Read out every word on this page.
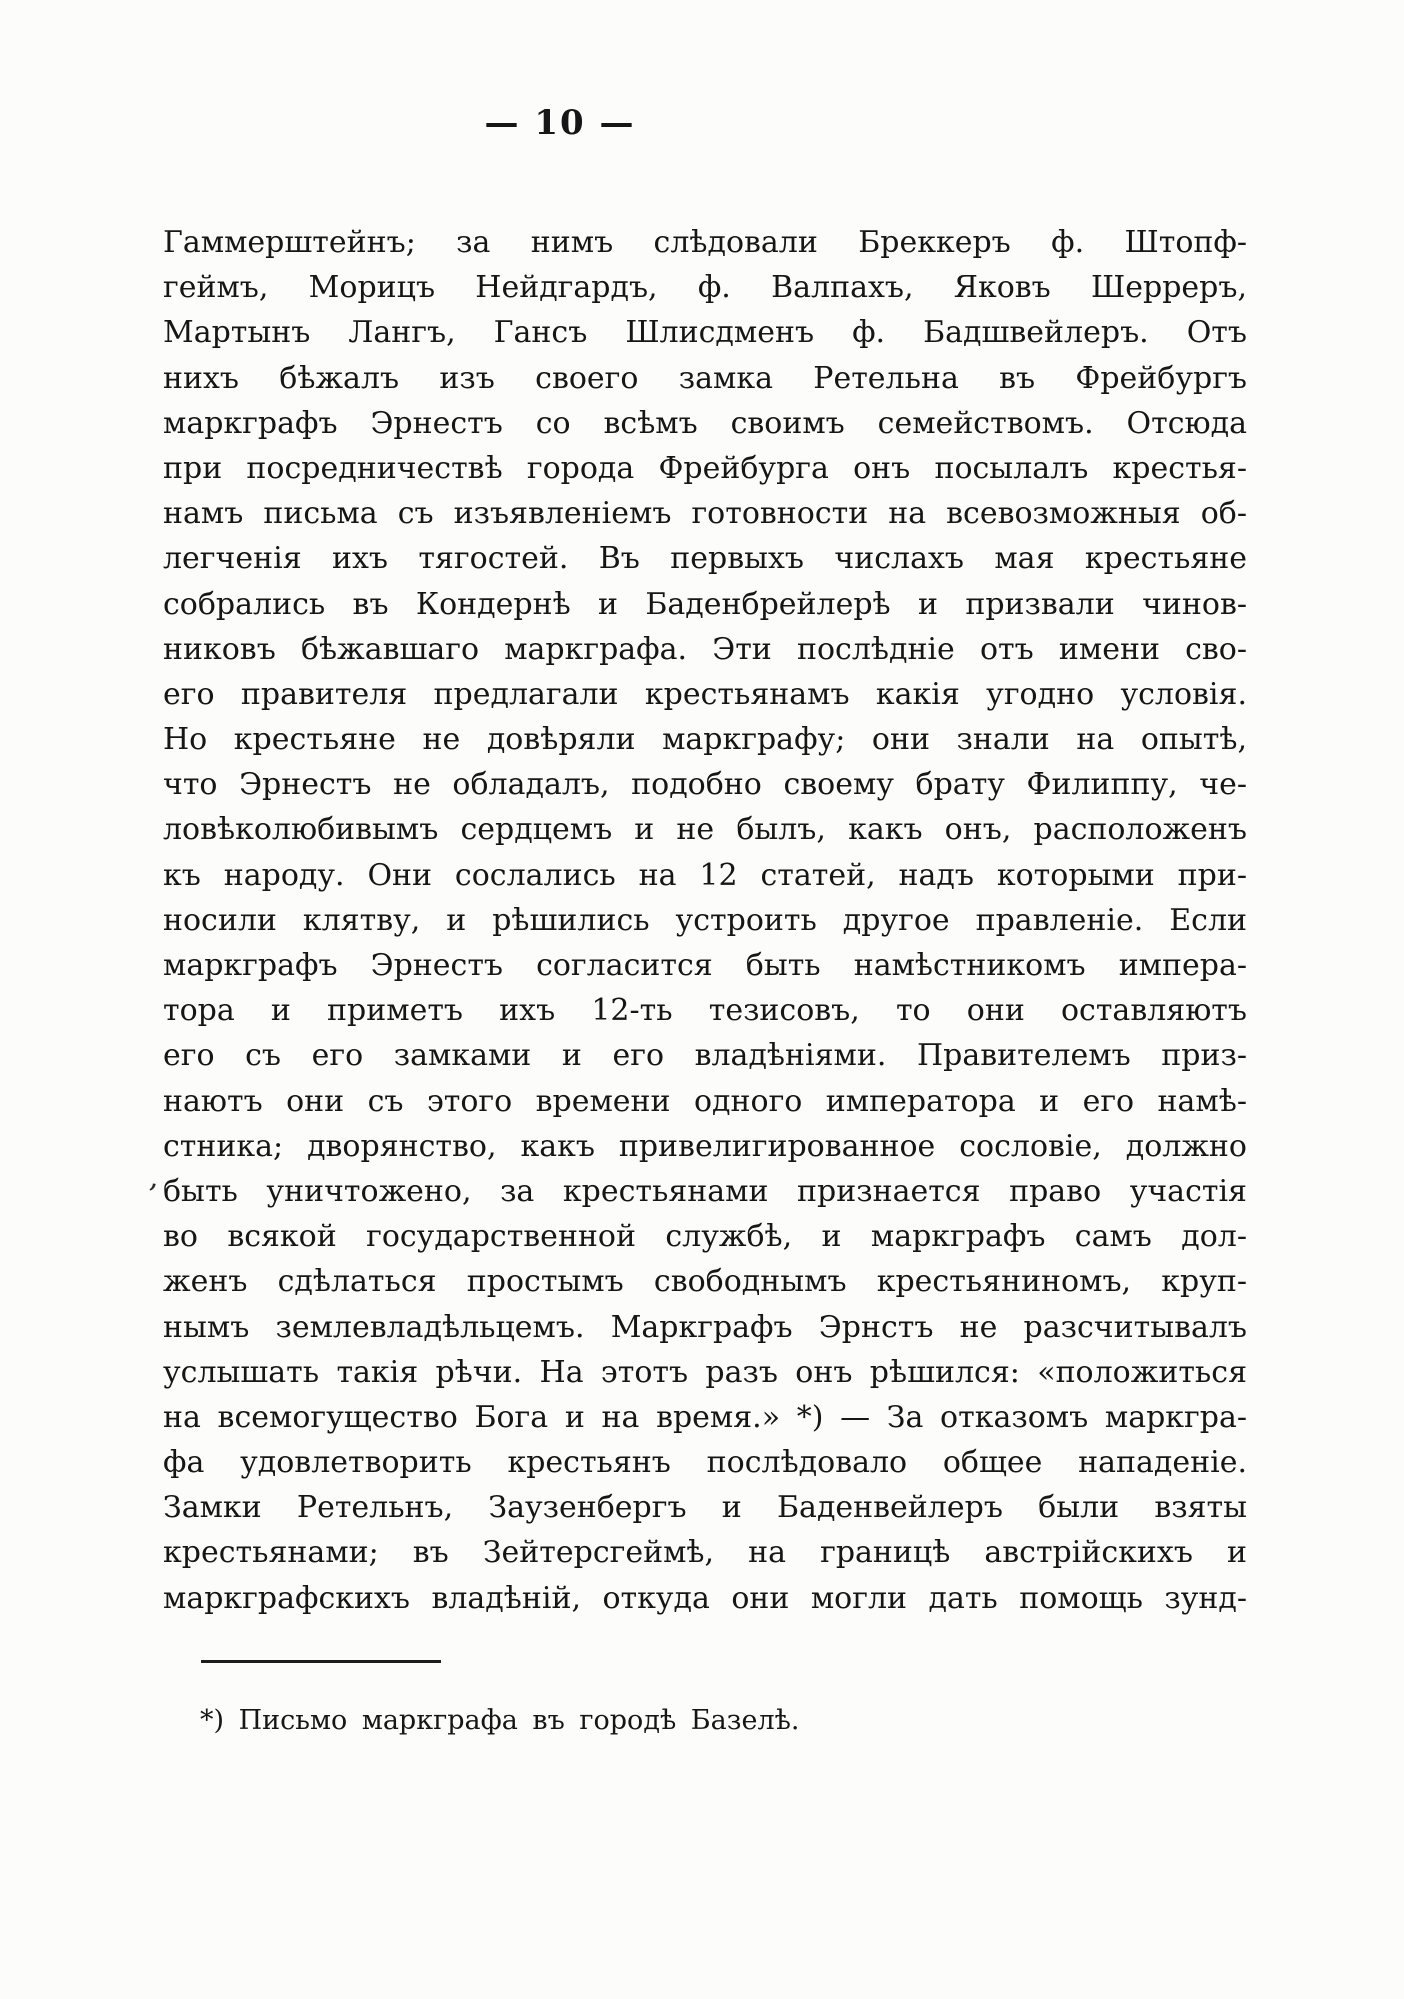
— 10 —
,
Гаммерштейнъ; за нимъ слѣдовали Бреккеръ ф. Штопф-
геймъ, Морицъ Нейдгардъ, ф. Валпахъ, Яковъ Шерреръ,
Мартынъ Лангъ, Гансъ Шлисдменъ ф. Бадшвейлеръ. Отъ
нихъ бѣжалъ изъ своего замка Ретельна въ Фрейбургъ
маркграфъ Эрнестъ со всѣмъ своимъ семействомъ. Отсюда
при посредничествѣ города Фрейбурга онъ посылалъ крестья-
намъ письма съ изъявленіемъ готовности на всевозможныя об-
легченія ихъ тягостей. Въ первыхъ числахъ мая крестьяне
собрались въ Кондернѣ и Баденбрейлерѣ и призвали чинов-
никовъ бѣжавшаго маркграфа. Эти послѣдніе отъ имени сво-
его правителя предлагали крестьянамъ какія угодно условія.
Но крестьяне не довѣряли маркграфу; они знали на опытѣ,
что Эрнестъ не обладалъ, подобно своему брату Филиппу, че-
ловѣколюбивымъ сердцемъ и не былъ, какъ онъ, расположенъ
къ народу. Они сослались на 12 статей, надъ которыми при-
носили клятву, и рѣшились устроить другое правленіе. Если
маркграфъ Эрнестъ согласится быть намѣстникомъ импера-
тора и приметъ ихъ 12-ть тезисовъ, то они оставляютъ
его съ его замками и его владѣніями. Правителемъ приз-
наютъ они съ этого времени одного императора и его намѣ-
стника; дворянство, какъ привелигированное сословіе, должно
быть уничтожено, за крестьянами признается право участія
во всякой государственной службѣ, и маркграфъ самъ дол-
женъ сдѣлаться простымъ свободнымъ крестьяниномъ, круп-
нымъ землевладѣльцемъ. Маркграфъ Эрнстъ не разсчитывалъ
услышать такія рѣчи. На этотъ разъ онъ рѣшился: «положиться
на всемогущество Бога и на время.» *) — За отказомъ маркгра-
фа удовлетворить крестьянъ послѣдовало общее нападеніе.
Замки Ретельнъ, Заузенбергъ и Баденвейлеръ были взяты
крестьянами; въ Зейтерсгеймѣ, на границѣ австрійскихъ и
маркграфскихъ владѣній, откуда они могли дать помощь зунд-
*) Письмо маркграфа въ городѣ Базелѣ.
